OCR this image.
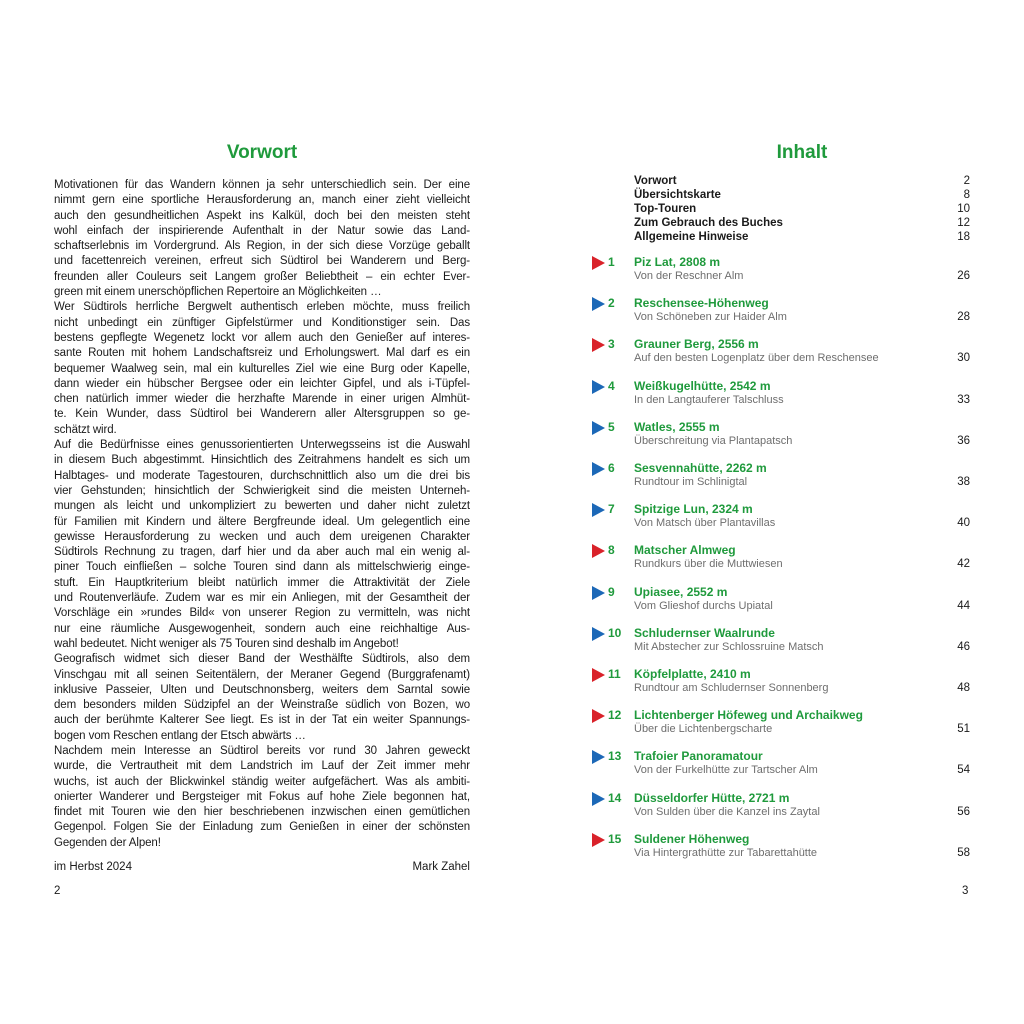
Vorwort
Motivationen für das Wandern können ja sehr unterschiedlich sein. Der eine
nimmt gern eine sportliche Herausforderung an, manch einer zieht vielleicht
auch den gesundheitlichen Aspekt ins Kalkül, doch bei den meisten steht
wohl einfach der inspirierende Aufenthalt in der Natur sowie das Land-
schaftserlebnis im Vordergrund. Als Region, in der sich diese Vorzüge geballt
und facettenreich vereinen, erfreut sich Südtirol bei Wanderern und Berg-
freunden aller Couleurs seit Langem großer Beliebtheit – ein echter Ever-
green mit einem unerschöpflichen Repertoire an Möglichkeiten …
Wer Südtirols herrliche Bergwelt authentisch erleben möchte, muss freilich
nicht unbedingt ein zünftiger Gipfelstürmer und Konditionstiger sein. Das
bestens gepflegte Wegenetz lockt vor allem auch den Genießer auf interes-
sante Routen mit hohem Landschaftsreiz und Erholungswert. Mal darf es ein
bequemer Waalweg sein, mal ein kulturelles Ziel wie eine Burg oder Kapelle,
dann wieder ein hübscher Bergsee oder ein leichter Gipfel, und als i-Tüpfel-
chen natürlich immer wieder die herzhafte Marende in einer urigen Almhüt-
te. Kein Wunder, dass Südtirol bei Wanderern aller Altersgruppen so ge-
schätzt wird.
Auf die Bedürfnisse eines genussorientierten Unterwegsseins ist die Auswahl
in diesem Buch abgestimmt. Hinsichtlich des Zeitrahmens handelt es sich um
Halbtages- und moderate Tagestouren, durchschnittlich also um die drei bis
vier Gehstunden; hinsichtlich der Schwierigkeit sind die meisten Unterneh-
mungen als leicht und unkompliziert zu bewerten und daher nicht zuletzt
für Familien mit Kindern und ältere Bergfreunde ideal. Um gelegentlich eine
gewisse Herausforderung zu wecken und auch dem ureigenen Charakter
Südtirols Rechnung zu tragen, darf hier und da aber auch mal ein wenig al-
piner Touch einfließen – solche Touren sind dann als mittelschwierig einge-
stuft. Ein Hauptkriterium bleibt natürlich immer die Attraktivität der Ziele
und Routenverläufe. Zudem war es mir ein Anliegen, mit der Gesamtheit der
Vorschläge ein »rundes Bild« von unserer Region zu vermitteln, was nicht
nur eine räumliche Ausgewogenheit, sondern auch eine reichhaltige Aus-
wahl bedeutet. Nicht weniger als 75 Touren sind deshalb im Angebot!
Geografisch widmet sich dieser Band der Westhälfte Südtirols, also dem
Vinschgau mit all seinen Seitentälern, der Meraner Gegend (Burggrafenamt)
inklusive Passeier, Ulten und Deutschnonsberg, weiters dem Sarntal sowie
dem besonders milden Südzipfel an der Weinstraße südlich von Bozen, wo
auch der berühmte Kalterer See liegt. Es ist in der Tat ein weiter Spannungs-
bogen vom Reschen entlang der Etsch abwärts …
Nachdem mein Interesse an Südtirol bereits vor rund 30 Jahren geweckt
wurde, die Vertrautheit mit dem Landstrich im Lauf der Zeit immer mehr
wuchs, ist auch der Blickwinkel ständig weiter aufgefächert. Was als ambiti-
onierter Wanderer und Bergsteiger mit Fokus auf hohe Ziele begonnen hat,
findet mit Touren wie den hier beschriebenen inzwischen einen gemütlichen
Gegenpol. Folgen Sie der Einladung zum Genießen in einer der schönsten
Gegenden der Alpen!
im Herbst 2024	Mark Zahel
2
Inhalt
Vorwort	2
Übersichtskarte	8
Top-Touren	10
Zum Gebrauch des Buches	12
Allgemeine Hinweise	18
1 Piz Lat, 2808 m
Von der Reschner Alm	26
2 Reschensee-Höhenweg
Von Schöneben zur Haider Alm	28
3 Grauner Berg, 2556 m
Auf den besten Logenplatz über dem Reschensee	30
4 Weißkugelhütte, 2542 m
In den Langtauferer Talschluss	33
5 Watles, 2555 m
Überschreitung via Plantapatsch	36
6 Sesvennahütte, 2262 m
Rundtour im Schlinigtal	38
7 Spitzige Lun, 2324 m
Von Matsch über Plantavillas	40
8 Matscher Almweg
Rundkurs über die Muttwiesen	42
9 Upiasee, 2552 m
Vom Glieshof durchs Upiatal	44
10 Schludernser Waalrunde
Mit Abstecher zur Schlossruine Matsch	46
11 Köpfelplatte, 2410 m
Rundtour am Schludernser Sonnenberg	48
12 Lichtenberger Höfeweg und Archaikweg
Über die Lichtenbergscharte	51
13 Trafoier Panoramatour
Von der Furkelhütte zur Tartscher Alm	54
14 Düsseldorfer Hütte, 2721 m
Von Sulden über die Kanzel ins Zaytal	56
15 Suldener Höhenweg
Via Hintergrathütte zur Tabarettahütte	58
3
